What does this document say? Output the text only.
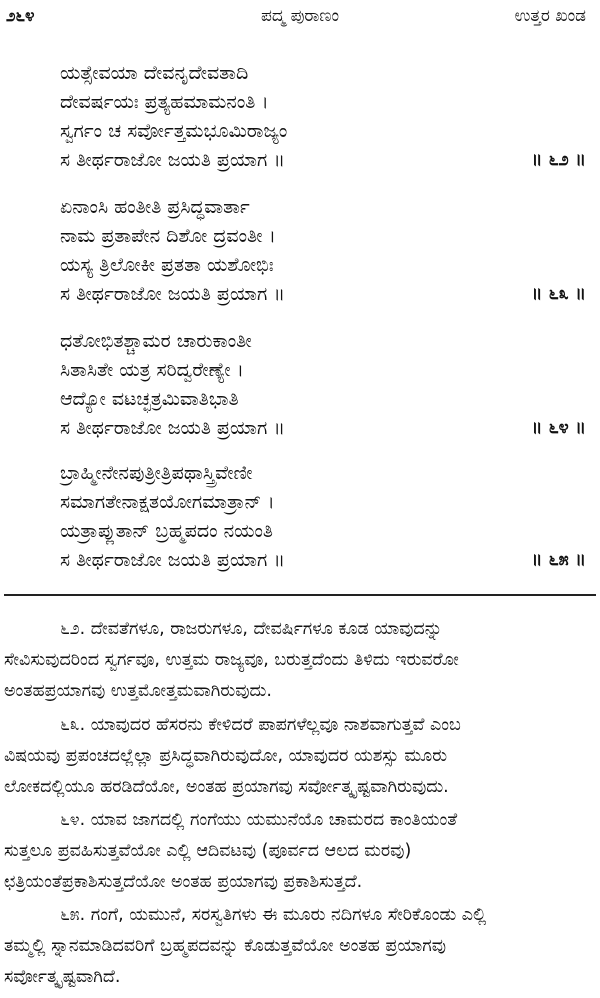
೨೬೪	ಪದ್ಮ ಪುರಾಣಂ	ಉತ್ತರ ಖಂಡ
ಯತ್ಸೇವಯಾ ದೇವನೃದೇವತಾದಿ
ದೇವರ್ಷಯಃ ಪ್ರತ್ಯಹಮಾಮನಂತಿ ।
ಸ್ವರ್ಗಂ ಚ ಸರ್ವೋತ್ತಮಭೂಮಿರಾಜ್ಯಂ
ಸ ತೀರ್ಥರಾಜೋ ಜಯತಿ ಪ್ರಯಾಗ ॥	॥ ೬೨ ॥
ಏನಾಂಸಿ ಹಂತೀತಿ ಪ್ರಸಿದ್ಧವಾರ್ತಾ
ನಾಮ ಪ್ರತಾಪೇನ ದಿಶೋ ದ್ರವಂತೀ ।
ಯಸ್ಯ ತ್ರಿಲೋಕೀ ಪ್ರತತಾ ಯಶೋಭಿಃ
ಸ ತೀರ್ಥರಾಜೋ ಜಯತಿ ಪ್ರಯಾಗ ॥	॥ ೬೩ ॥
ಧತೋಭಿತಶ್ಚಾಮರ ಚಾರುಕಾಂತೀ
ಸಿತಾಸಿತೇ ಯತ್ರ ಸರಿದ್ವರೇಣ್ಯೇ ।
ಆದ್ಯೋ ವಟಚ್ಛತ್ರಮಿವಾತಿಭಾತಿ
ಸ ತೀರ್ಥರಾಜೋ ಜಯತಿ ಪ್ರಯಾಗ ॥	॥ ೬೪ ॥
ಬ್ರಾಹ್ಮೀನೇನಪುತ್ರೀತ್ರಿಪಥಾಸ್ತ್ರಿವೇಣೀ
ಸಮಾಗತೇನಾಕ್ಷತಯೋಗಮಾತ್ರಾನ್ ।
ಯತ್ರಾಪ್ಲುತಾನ್ ಬ್ರಹ್ಮಪದಂ ನಯಂತಿ
ಸ ತೀರ್ಥರಾಜೋ ಜಯತಿ ಪ್ರಯಾಗ ॥	॥ ೬೫ ॥
೬೨. ದೇವತೆಗಳೂ, ರಾಜರುಗಳೂ, ದೇವರ್ಷಿಗಳೂ ಕೂಡ ಯಾವುದನ್ನು
ಸೇವಿಸುವುದರಿಂದ ಸ್ವರ್ಗವೂ, ಉತ್ತಮ ರಾಜ್ಯವೂ, ಬರುತ್ತದೆಂದು ತಿಳಿದು ಇರುವರೋ
ಅಂತಹಪ್ರಯಾಗವು ಉತ್ತಮೋತ್ತಮವಾಗಿರುವುದು.
೬೩. ಯಾವುದರ ಹೆಸರನು ಕೇಳಿದರೆ ಪಾಪಗಳೆಲ್ಲವೂ ನಾಶವಾಗುತ್ತವೆ ಎಂಬ
ವಿಷಯವು ಪ್ರಪಂಚದಲ್ಲೆಲ್ಲಾ ಪ್ರಸಿದ್ಧವಾಗಿರುವುದೋ, ಯಾವುದರ ಯಶಸ್ಸು ಮೂರು
ಲೋಕದಲ್ಲಿಯೂ ಹರಡಿದೆಯೋ, ಅಂತಹ ಪ್ರಯಾಗವು ಸರ್ವೋತ್ಕೃಷ್ಟವಾಗಿರುವುದು.
೬೪. ಯಾವ ಜಾಗದಲ್ಲಿ ಗಂಗೆಯು ಯಮುನೆಯೊ ಚಾಮರದ ಕಾಂತಿಯಂತೆ
ಸುತ್ತಲೂ ಪ್ರವಹಿಸುತ್ತವೆಯೋ ಎಲ್ಲಿ ಆದಿವಟವು (ಪೂರ್ವದ ಆಲದ ಮರವು)
ಛತ್ರಿಯಂತೆಪ್ರಕಾಶಿಸುತ್ತದೆಯೋ ಅಂತಹ ಪ್ರಯಾಗವು ಪ್ರಕಾಶಿಸುತ್ತದೆ.
೬೫. ಗಂಗೆ, ಯಮುನೆ, ಸರಸ್ವತಿಗಳು ಈ ಮೂರು ನದಿಗಳೂ ಸೇರಿಕೊಂಡು ಎಲ್ಲಿ
ತಮ್ಮಲ್ಲಿ ಸ್ನಾನಮಾಡಿದವರಿಗೆ ಬ್ರಹ್ಮಪದವನ್ನು ಕೊಡುತ್ತವೆಯೋ ಅಂತಹ ಪ್ರಯಾಗವು
ಸರ್ವೋತ್ಕೃಷ್ಟವಾಗಿದೆ.
